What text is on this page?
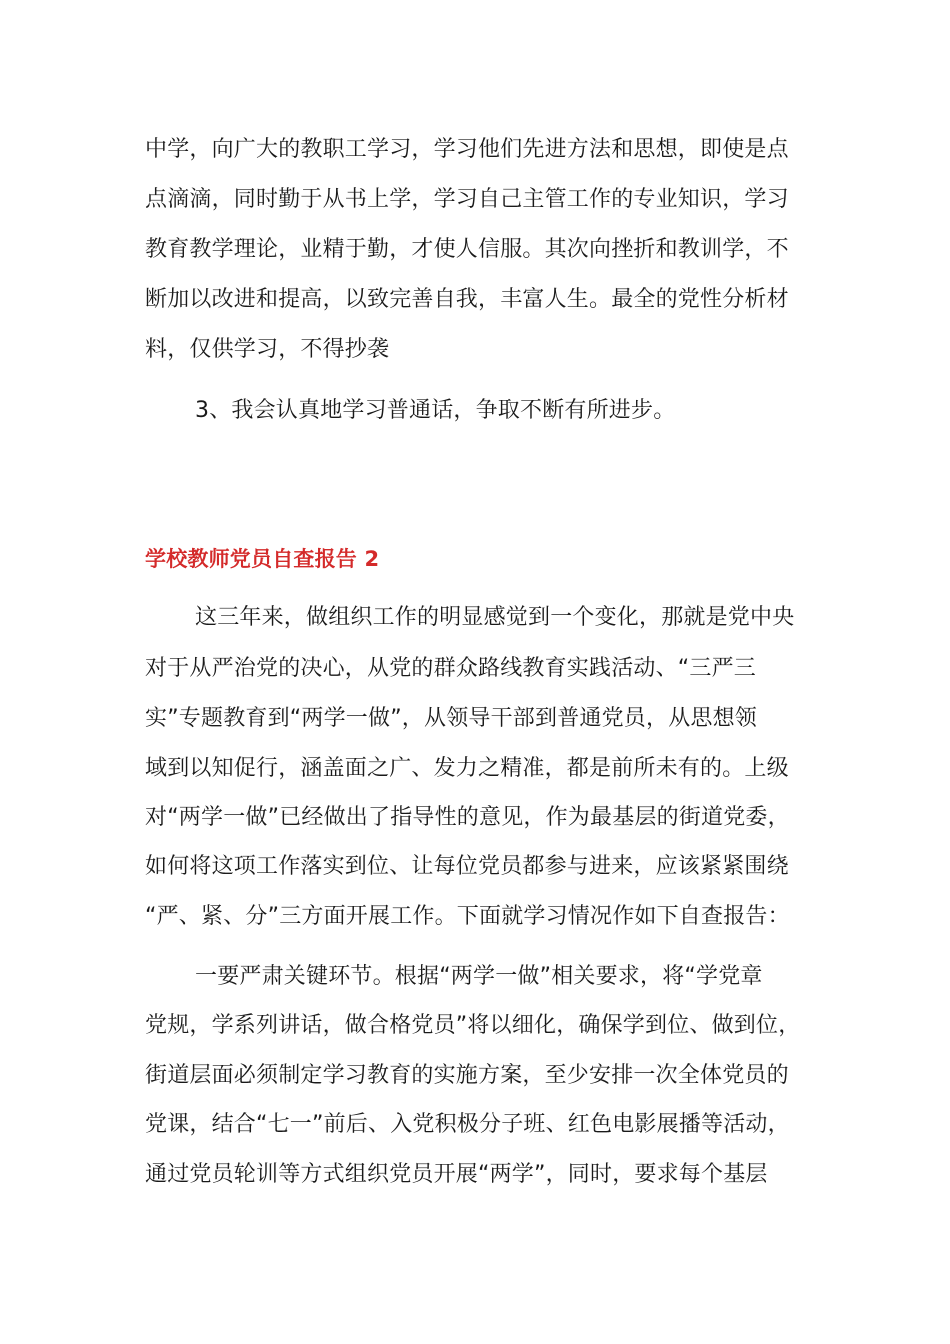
中学，向广大的教职工学习，学习他们先进方法和思想，即使是点
点滴滴，同时勤于从书上学，学习自己主管工作的专业知识，学习
教育教学理论，业精于勤，才使人信服。其次向挫折和教训学，不
断加以改进和提高，以致完善自我，丰富人生。最全的党性分析材
料，仅供学习，不得抄袭
3、我会认真地学习普通话，争取不断有所进步。
学校教师党员自查报告 2
这三年来，做组织工作的明显感觉到一个变化，那就是党中央
对于从严治党的决心，从党的群众路线教育实践活动、“三严三
实”专题教育到“两学一做”，从领导干部到普通党员，从思想领
域到以知促行，涵盖面之广、发力之精准，都是前所未有的。上级
对“两学一做”已经做出了指导性的意见，作为最基层的街道党委，
如何将这项工作落实到位、让每位党员都参与进来，应该紧紧围绕
“严、紧、分”三方面开展工作。下面就学习情况作如下自查报告：
一要严肃关键环节。根据“两学一做”相关要求，将“学党章
党规，学系列讲话，做合格党员”将以细化，确保学到位、做到位，
街道层面必须制定学习教育的实施方案，至少安排一次全体党员的
党课，结合“七一”前后、入党积极分子班、红色电影展播等活动，
通过党员轮训等方式组织党员开展“两学”，同时，要求每个基层
